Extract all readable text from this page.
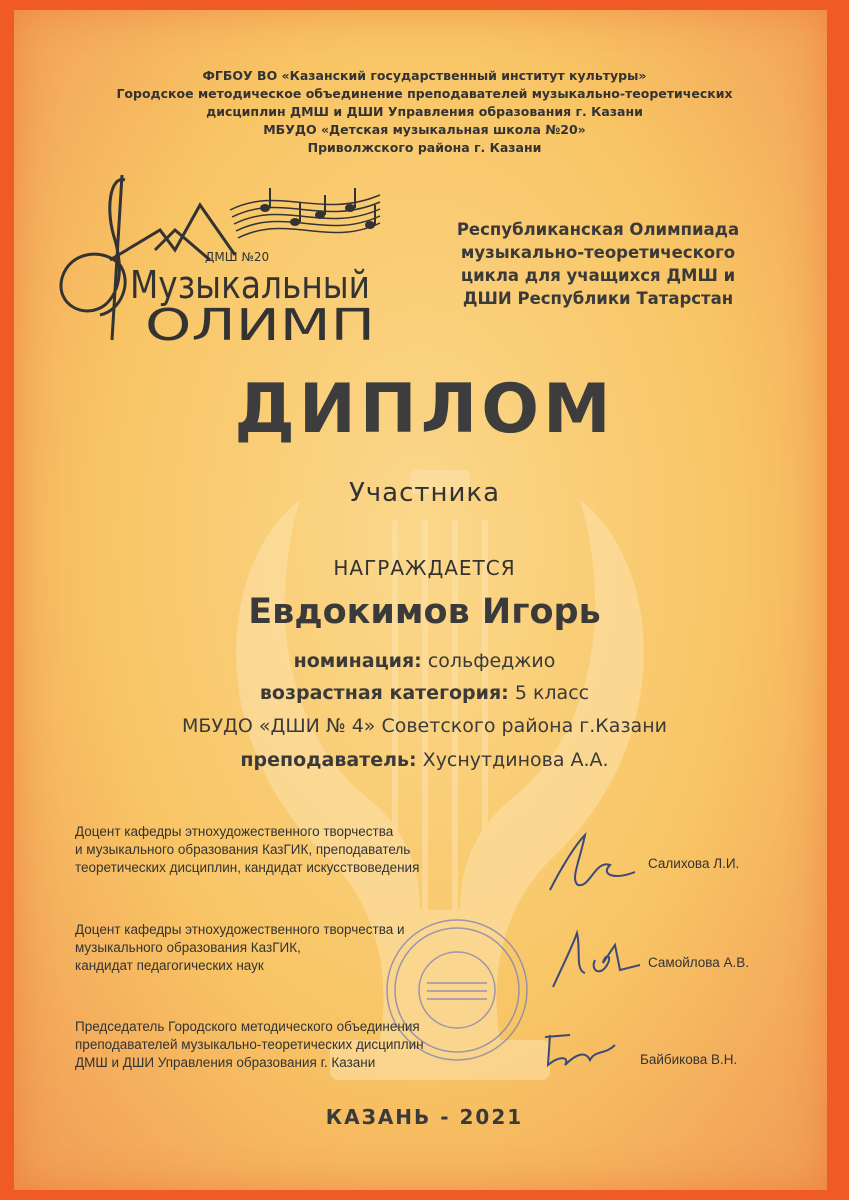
ФГБОУ ВО «Казанский государственный институт культуры»
Городское методическое объединение преподавателей музыкально-теоретических
дисциплин ДМШ и ДШИ Управления образования г. Казани
МБУДО «Детская музыкальная школа №20»
Приволжского района г. Казани
ДМШ №20
Музыкальный
ОЛИМП
Республиканская Олимпиада
музыкально-теоретического
цикла для учащихся ДМШ и
ДШИ Республики Татарстан
ДИПЛОМ
Участника
НАГРАЖДАЕТСЯ
Евдокимов Игорь
номинация: сольфеджио
возрастная категория: 5 класс
МБУДО «ДШИ № 4» Советского района г.Казани
преподаватель: Хуснутдинова А.А.
Доцент кафедры этнохудожественного творчества
и музыкального образования КазГИК, преподаватель
теоретических дисциплин, кандидат искусствоведения	Салихова Л.И.
Доцент кафедры этнохудожественного творчества и
музыкального образования КазГИК,
кандидат педагогических наук	Самойлова А.В.
Председатель Городского методического объединения
преподавателей музыкально-теоретических дисциплин
ДМШ и ДШИ Управления образования г. Казани	Байбикова В.Н.
КАЗАНЬ - 2021
